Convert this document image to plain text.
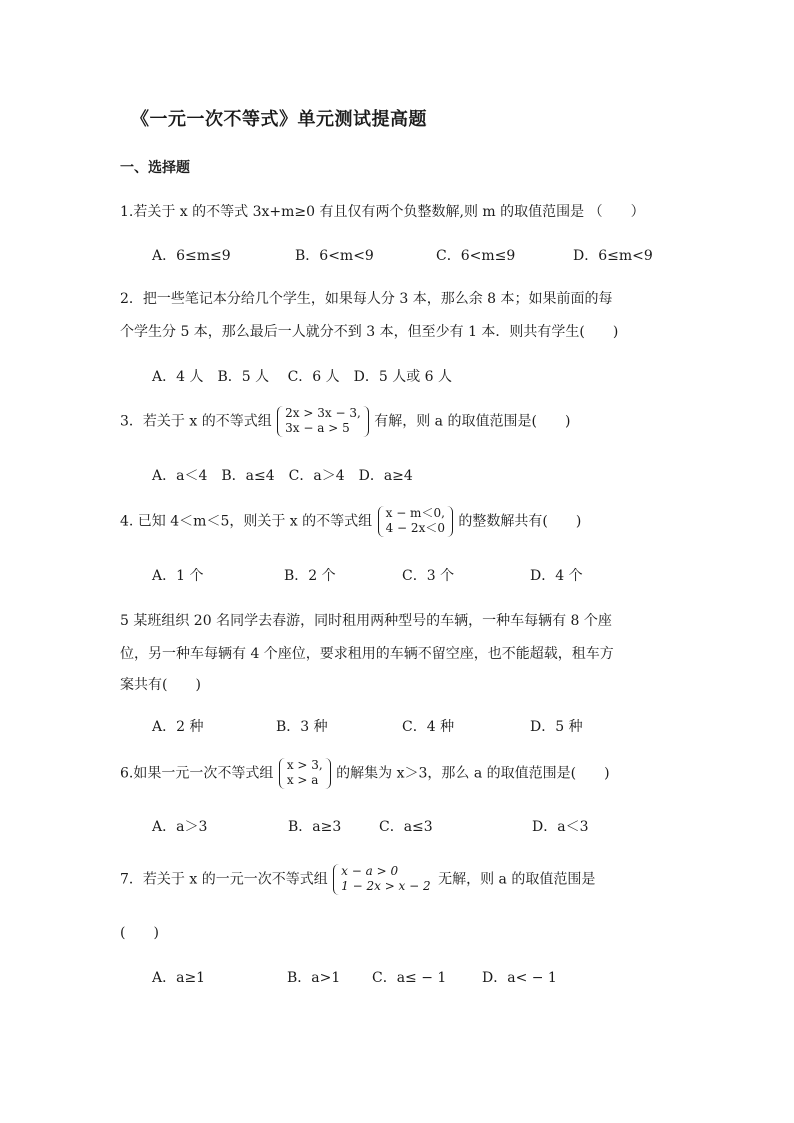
《一元一次不等式》单元测试提高题
一、选择题
1.若关于 x 的不等式 3x+m≥0 有且仅有两个负整数解,则 m 的取值范围是 （　　）
A．6≤m≤9	B．6<m<9	C．6<m≤9	D．6≤m<9
2．把一些笔记本分给几个学生，如果每人分 3 本，那么余 8 本；如果前面的每
个学生分 5 本，那么最后一人就分不到 3 本，但至少有 1 本．则共有学生(　　)
A．4 人　B．5 人　 C．6 人　D．5 人或 6 人
3．若关于 x 的不等式组
2x > 3x − 3,
3x − a > 5	有解，则 a 的取值范围是(　　)
A．a＜4　B．a≤4　C．a＞4　D．a≥4
4. 已知 4＜m＜5，则关于 x 的不等式组
x − m＜0,
4 − 2x＜0 的整数解共有(　　)
A．1 个	B．2 个	C．3 个	D．4 个
5 某班组织 20 名同学去春游，同时租用两种型号的车辆，一种车每辆有 8 个座
位，另一种车每辆有 4 个座位，要求租用的车辆不留空座，也不能超载，租车方
案共有(　　)
A．2 种	B．3 种	C．4 种	D．5 种
6.如果一元一次不等式组
x > 3,
x > a	的解集为 x＞3，那么 a 的取值范围是(　　)
A．a＞3	B．a≥3	C．a≤3	D．a＜3
7．若关于 x 的一元一次不等式组
x − a > 0
1 − 2x > x − 2 无解，则 a 的取值范围是
(　　)
A．a≥1	B．a>1 C．a≤ − 1	D．a< − 1
